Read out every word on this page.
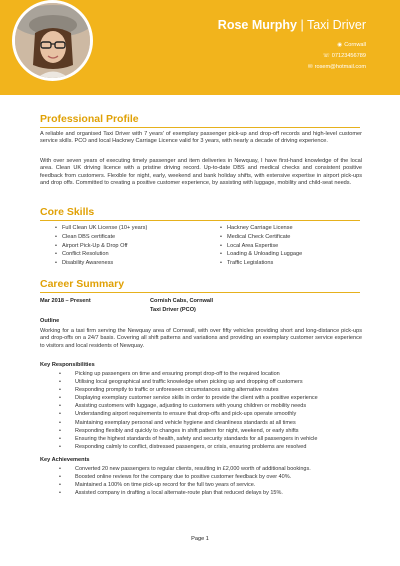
Rose Murphy | Taxi Driver
◉ Cornwall
☏ 07123456789
✉ rosem@hotmail.com
Professional Profile

A reliable and organised Taxi Driver with 7 years' of exemplary passenger pick-up and drop-off records and high-level customer service skills. PCO and local Hackney Carriage Licence valid for 3 years, with nearly a decade of driving experience.

With over seven years of executing timely passenger and item deliveries in Newquay, I have first-hand knowledge of the local area. Clean UK driving licence with a pristine driving record. Up-to-date DBS and medical checks and consistent positive feedback from customers. Flexible for night, early, weekend and bank holiday shifts, with extensive expertise in airport pick-ups and drop offs. Committed to creating a positive customer experience, by assisting with luggage, mobility and child-seat needs.

Core Skills
• Full Clean UK License (10+ years)
• Clean DBS certificate
• Airport Pick-Up & Drop Off
• Conflict Resolution
• Disability Awareness
• Hackney Carriage License
• Medical Check Certificate
• Local Area Expertise
• Loading & Unloading Luggage
• Traffic Legislations
Career Summary
Mar 2018 – Present	Cornish Cabs, Cornwall
Taxi Driver (PCO)
Outline

Working for a taxi firm serving the Newquay area of Cornwall, with over fifty vehicles providing short and long-distance pick-ups and drop-offs on a 24/7 basis. Covering all shift patterns and variations and providing an exemplary customer service experience to visitors and local residents of Newquay.

Key Responsibilities
• Picking up passengers on time and ensuring prompt drop-off to the required location
• Utilising local geographical and traffic knowledge when picking up and dropping off customers
• Responding promptly to traffic or unforeseen circumstances using alternative routes
• Displaying exemplary customer service skills in order to provide the client with a positive experience
• Assisting customers with luggage, adjusting to customers with young children or mobility needs
• Understanding airport requirements to ensure that drop-offs and pick-ups operate smoothly
• Maintaining exemplary personal and vehicle hygiene and cleanliness standards at all times
• Responding flexibly and quickly to changes in shift pattern for night, weekend, or early shifts
• Ensuring the highest standards of health, safety and security standards for all passengers in vehicle
• Responding calmly to conflict, distressed passengers, or crisis, ensuring problems are resolved
Key Achievements
• Converted 20 new passengers to regular clients, resulting in £2,000 worth of additional bookings.
• Boosted online reviews for the company due to positive customer feedback by over 40%.
• Maintained a 100% on time pick-up record for the full two years of service.
• Assisted company in drafting a local alternate-route plan that reduced delays by 15%.
Page 1
